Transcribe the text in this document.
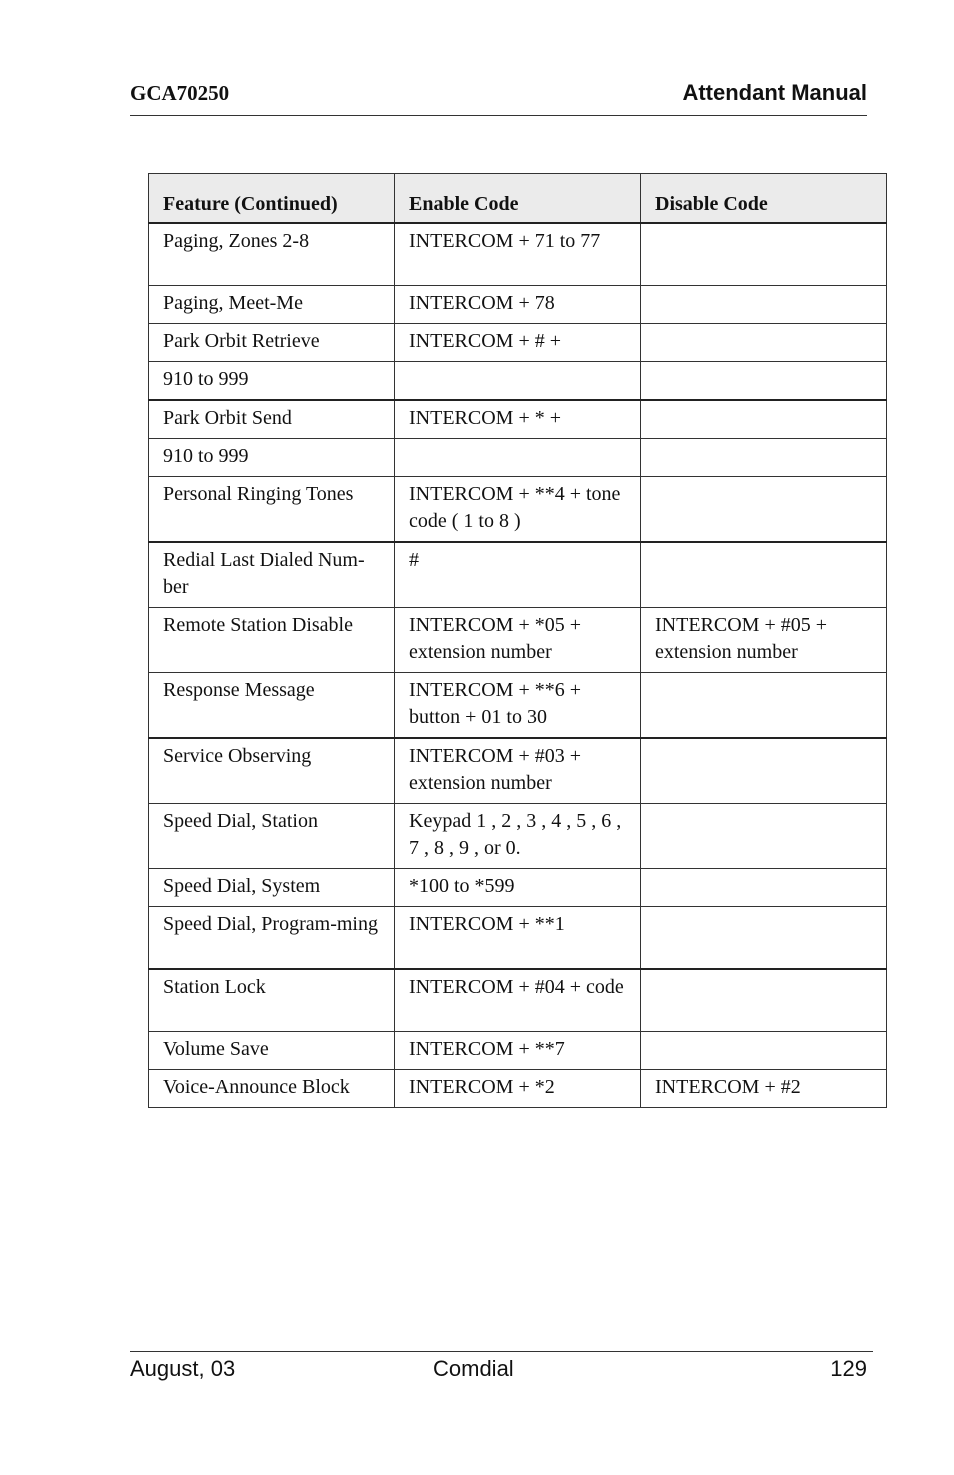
GCA70250	Attendant Manual
Feature (Continued)	Enable Code	Disable Code
Paging, Zones 2-8	INTERCOM + 71 to 77	
Paging, Meet-Me	INTERCOM + 78	
Park Orbit Retrieve	INTERCOM + # +	
910 to 999		
Park Orbit Send	INTERCOM + * +	
910 to 999		
Personal Ringing Tones	INTERCOM + **4 + tone code ( 1 to 8 )	
Redial Last Dialed Num-ber	#	
Remote Station Disable	INTERCOM + *05 + extension number	INTERCOM + #05 + extension number
Response Message	INTERCOM + **6 + button + 01 to 30	
Service Observing	INTERCOM + #03 + extension number	
Speed Dial, Station	Keypad 1 , 2 , 3 , 4 , 5 , 6 , 7 , 8 , 9 , or 0.	
Speed Dial, System	*100 to *599	
Speed Dial, Program-ming	INTERCOM + **1	
Station Lock	INTERCOM + #04 + code	
Volume Save	INTERCOM + **7	
Voice-Announce Block	INTERCOM + *2	INTERCOM + #2
August, 03	Comdial	129
